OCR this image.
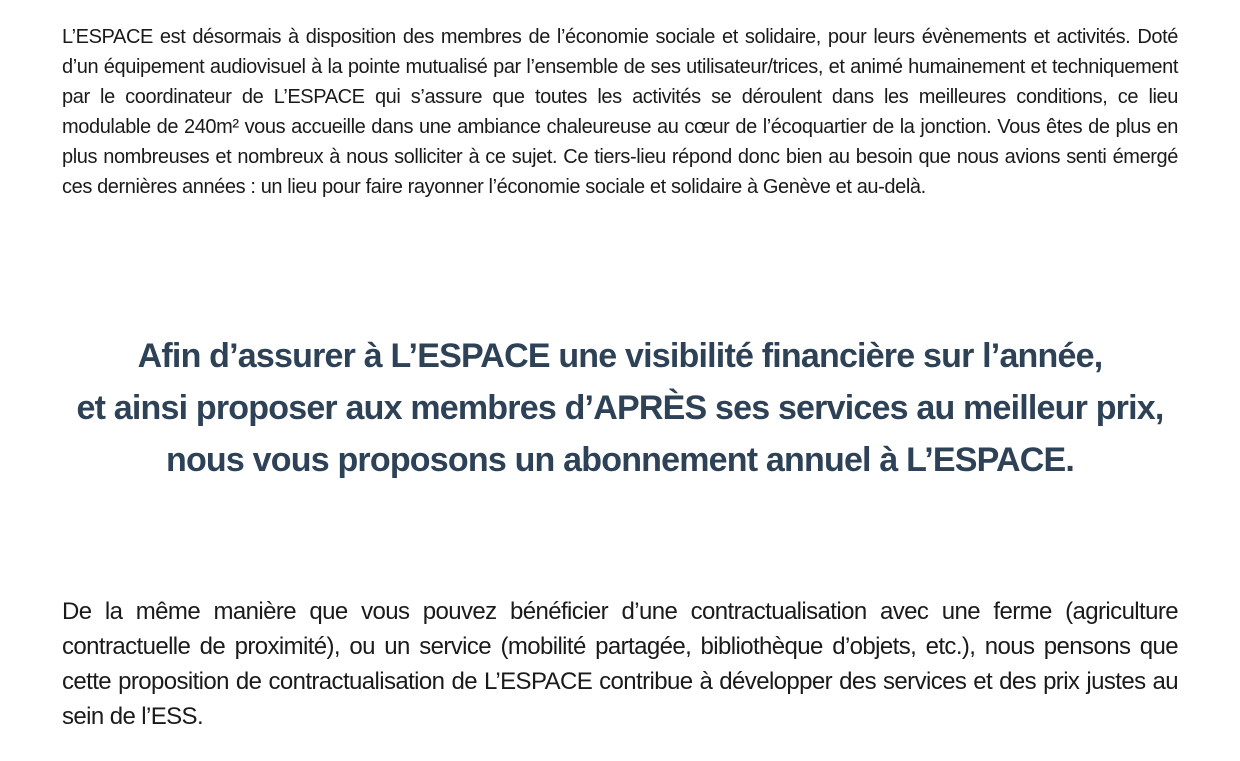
L’ESPACE est désormais à disposition des membres de l’économie sociale et solidaire, pour leurs évènements et activités. Doté d’un équipement audiovisuel à la pointe mutualisé par l’ensemble de ses utilisateur/trices, et animé humainement et techniquement par le coordinateur de L’ESPACE qui s’assure que toutes les activités se déroulent dans les meilleures conditions, ce lieu modulable de 240m² vous accueille dans une ambiance chaleureuse au cœur de l’écoquartier de la jonction. Vous êtes de plus en plus nombreuses et nombreux à nous solliciter à ce sujet. Ce tiers-lieu répond donc bien au besoin que nous avions senti émergé ces dernières années : un lieu pour faire rayonner l’économie sociale et solidaire à Genève et au-delà.

Afin d’assurer à L’ESPACE une visibilité financière sur l’année,
et ainsi proposer aux membres d’APRÈS ses services au meilleur prix,
nous vous proposons un abonnement annuel à L’ESPACE.

De la même manière que vous pouvez bénéficier d’une contractualisation avec une ferme (agriculture contractuelle de proximité), ou un service (mobilité partagée, bibliothèque d’objets, etc.), nous pensons que cette proposition de contractualisation de L’ESPACE contribue à développer des services et des prix justes au sein de l’ESS.
